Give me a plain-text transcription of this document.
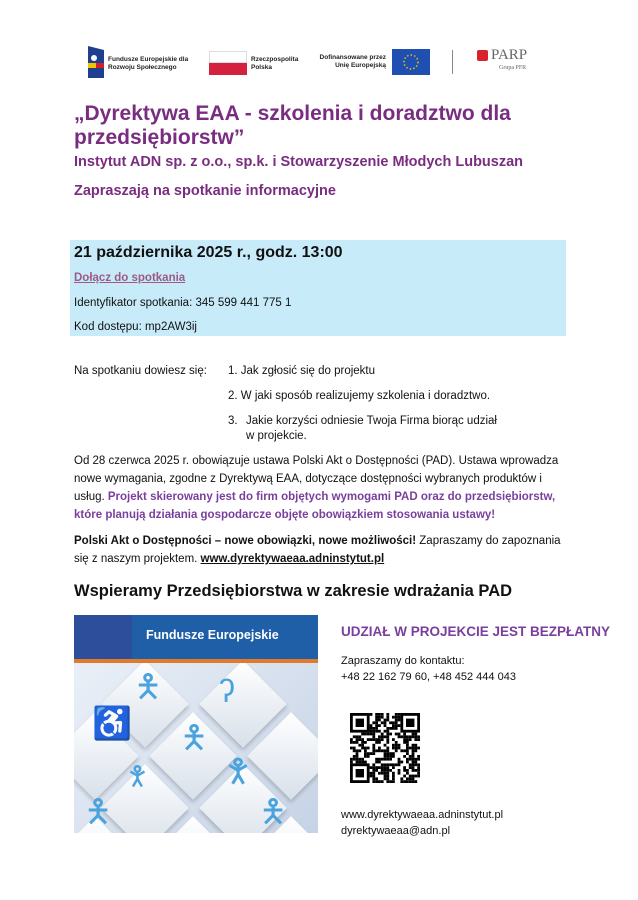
Fundusze Europejskie dla Rozwoju Społecznego
Rzeczpospolita Polska
Dofinansowane przez Unię Europejską
PARP
Grupa PFR
„Dyrektywa EAA - szkolenia i doradztwo dla przedsiębiorstw”
Instytut ADN sp. z o.o., sp.k. i Stowarzyszenie Młodych Lubuszan
Zapraszają na spotkanie informacyjne
21 października 2025 r., godz. 13:00
Dołącz do spotkania
Identyfikator spotkania: 345 599 441 775 1
Kod dostępu: mp2AW3ij
Na spotkaniu dowiesz się: 1. Jak zgłosić się do projektu
2. W jaki sposób realizujemy szkolenia i doradztwo.
3. Jakie korzyści odniesie Twoja Firma biorąc udział
w projekcie.
Od 28 czerwca 2025 r. obowiązuje ustawa Polski Akt o Dostępności (PAD). Ustawa wprowadza nowe wymagania, zgodne z Dyrektywą EAA, dotyczące dostępności wybranych produktów i usług. Projekt skierowany jest do firm objętych wymogami PAD oraz do przedsiębiorstw, które planują działania gospodarcze objęte obowiązkiem stosowania ustawy!
Polski Akt o Dostępności – nowe obowiązki, nowe możliwości! Zapraszamy do zapoznania się z naszym projektem. www.dyrektywaeaa.adninstytut.pl
Wspieramy Przedsiębiorstwa w zakresie wdrażania PAD
🯅 ʔ
♿ 🯅
🯆 🯆
🯅	🯅
Fundusze Europejskie	UDZIAŁ W PROJEKCIE JEST BEZPŁATNY
Zapraszamy do kontaktu:
+48 22 162 79 60, +48 452 444 043
www.dyrektywaeaa.adninstytut.pl
dyrektywaeaa@adn.pl
